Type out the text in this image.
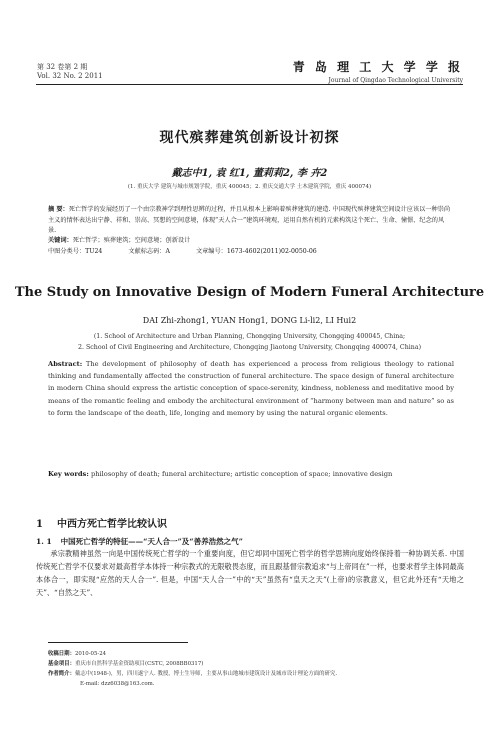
第 32 卷第 2 期
Vol. 32 No. 2 2011
青 岛 理 工 大 学 学 报
Journal of Qingdao Technological University
现代殡葬建筑创新设计初探
戴志中1, 袁 红1, 董莉莉2, 李 卉2
(1. 重庆大学 建筑与城市规划学院，重庆 400045；2. 重庆交通大学 土木建筑学院，重庆 400074)
摘 要：死亡哲学的发展经历了一个由宗教神学到理性思辨的过程，并且从根本上影响着殡葬建筑的建造. 中国现代殡葬建筑空间设计应该以一种崇尚主义的情怀表达出宁静、祥和、崇高、冥想的空间意境，体现“天人合一”建筑环境观，运用自然有机的元素构筑这个死亡、生命、憧憬、纪念的风景.
关键词：死亡哲学；殡葬建筑；空间意境；创新设计
中图分类号：TU24	文献标志码：A	文章编号：1673-4602(2011)02-0050-06
The Study on Innovative Design of Modern Funeral Architecture
DAI Zhi-zhong1, YUAN Hong1, DONG Li-li2, LI Hui2
(1. School of Architecture and Urban Planning, Chongqing University, Chongqing 400045, China;
2. School of Civil Engineering and Architecture, Chongqing Jiaotong University, Chongqing 400074, China)
Abstract: The development of philosophy of death has experienced a process from religious theology to rational thinking and fundamentally affected the construction of funeral architecture. The space design of funeral architecture in modern China should express the artistic conception of space-serenity, kindness, nobleness and meditative mood by means of the romantic feeling and embody the architectural environment of “harmony between man and nature” so as to form the landscape of the death, life, longing and memory by using the natural organic elements.
Key words: philosophy of death; funeral architecture; artistic conception of space; innovative design
1 中西方死亡哲学比较认识
1. 1 中国死亡哲学的特征——“天人合一”及“善养浩然之气”

承宗教精神虽然一向是中国传统死亡哲学的一个重要向度，但它却同中国死亡哲学的哲学思辨向度始终保持着一种协调关系. 中国传统死亡哲学不仅要求对最高哲学本体持一种宗教式的无限敬畏态度，而且跟基督宗教追求“与上帝同在”一样，也要求哲学主体同最高本体合一，即实现“应然的天人合一”. 但是，中国“天人合一”中的“天”虽然有“皇天之天”(上帝)的宗教意义，但它此外还有“天地之天”、“自然之天”、

收稿日期：2010-05-24
基金项目：重庆市自然科学基金资助项目(CSTC, 2008BB0317)
作者简介：戴志中(1948-)，男，四川遂宁人. 教授，博士生导师，主要从事山地城市建筑设计及城市设计理论方面的研究.
E-mail: dzz6038@163.com.
